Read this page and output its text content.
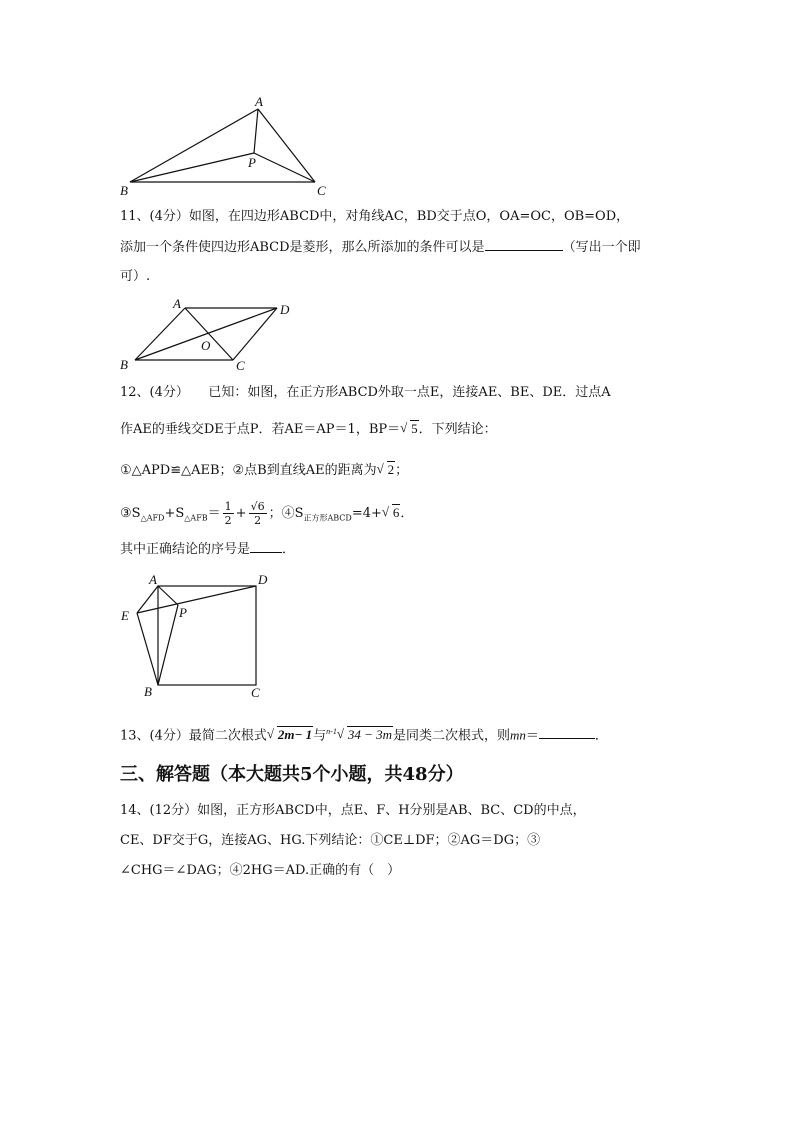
A
B	C
P
11、(4分）如图，在四边形ABCD中，对角线AC，BD交于点O，OA=OC，OB=OD，
添加一个条件使四边形ABCD是菱形，那么所添加的条件可以是	（写出一个即
可）.
A
B	C
D
O
12、(4分）　　已知：如图，在正方形ABCD外取一点E，连接AE、BE、DE．过点A
作AE的垂线交DE于点P．若AE＝AP＝1，BP＝√ 5．下列结论：
①△APD≌△AEB；②点B到直线AE的距离为√ 2；
$③S_{\triangle AFD}+S_{\triangle AFB}= \frac{1}{2} + \frac{√6}{2}$ ；$④S_{正方形ABCD}=4+√$ 6．
其中正确结论的序号是 ．
A	D
E	P
B	C
13、(4分）最简二次根式√ 2m− 1与$^{n-1}$√ 34 − 3m是同类二次根式，则mn＝	．
三、解答题（本大题共5个小题，共48分）
14、(12分）如图，正方形ABCD中，点E、F、H分别是AB、BC、CD的中点，
CE、DF交于G，连接AG、HG.下列结论：①CE⊥DF；②AG＝DG；③
∠CHG＝∠DAG；④2HG＝AD.正确的有（　）
